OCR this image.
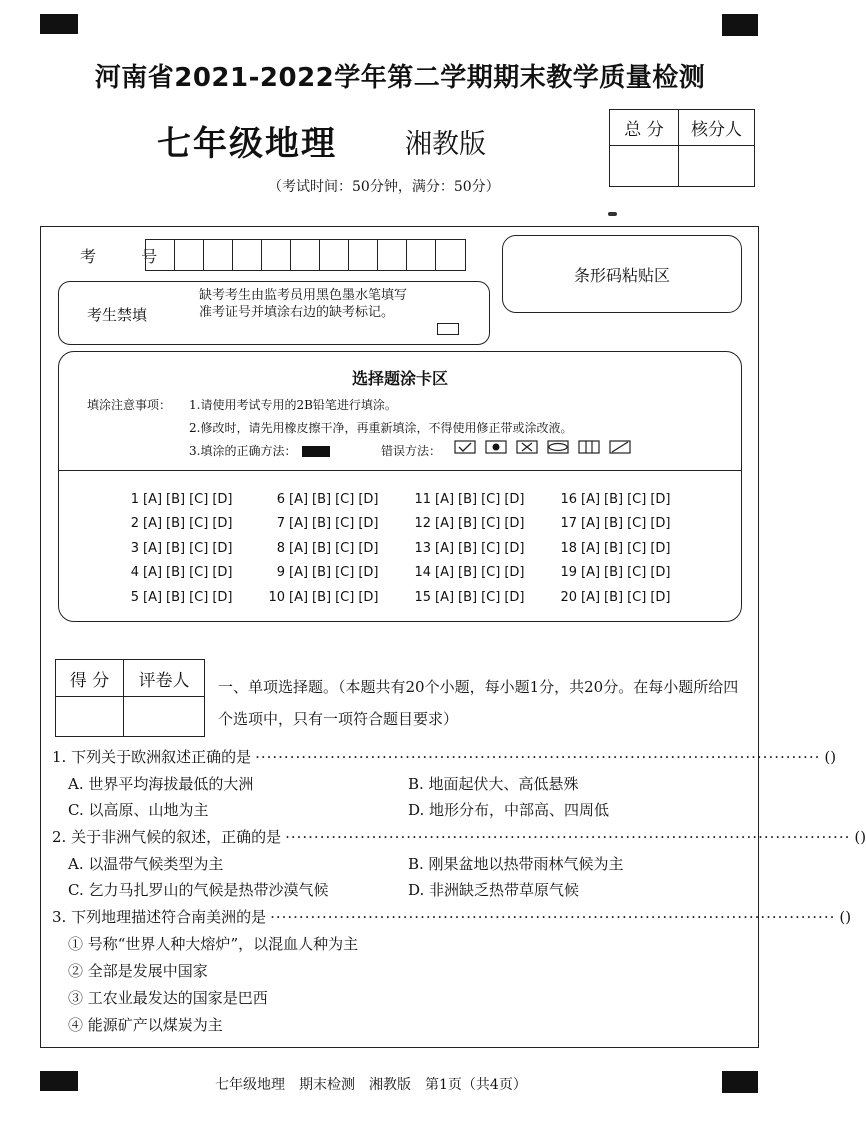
河南省2021-2022学年第二学期期末教学质量检测
七年级地理	湘教版
（考试时间：50分钟，满分：50分）
总 分	核分人

考 号
条形码粘贴区
考生禁填
缺考考生由监考员用黑色墨水笔填写准考证号并填涂右边的缺考标记。
选择题涂卡区
填涂注意事项： 1.请使用考试专用的2B铅笔进行填涂。
2.修改时，请先用橡皮擦干净，再重新填涂，不得使用修正带或涂改液。
3.填涂的正确方法：	错误方法：
1 [A] [B] [C] [D]	6 [A] [B] [C] [D]	11 [A] [B] [C] [D]	16 [A] [B] [C] [D]
2 [A] [B] [C] [D]	7 [A] [B] [C] [D]	12 [A] [B] [C] [D]	17 [A] [B] [C] [D]
3 [A] [B] [C] [D]	8 [A] [B] [C] [D]	13 [A] [B] [C] [D]	18 [A] [B] [C] [D]
4 [A] [B] [C] [D]	9 [A] [B] [C] [D]	14 [A] [B] [C] [D]	19 [A] [B] [C] [D]
5 [A] [B] [C] [D]	10 [A] [B] [C] [D]	15 [A] [B] [C] [D]	20 [A] [B] [C] [D]
得 分	评卷人
	一、单项选择题。（本题共有20个小题，每小题1分，共20分。在每小题所给四个选项中，只有一项符合题目要求）
1. 下列关于欧洲叙述正确的是 ·································································································· ( )
A. 世界平均海拔最低的大洲	B. 地面起伏大、高低悬殊
C. 以高原、山地为主	D. 地形分布，中部高、四周低
2. 关于非洲气候的叙述，正确的是 ·································································································· ( )
A. 以温带气候类型为主	B. 刚果盆地以热带雨林气候为主
C. 乞力马扎罗山的气候是热带沙漠气候	D. 非洲缺乏热带草原气候
3. 下列地理描述符合南美洲的是 ·································································································· ( )
① 号称“世界人种大熔炉”，以混血人种为主
② 全部是发展中国家
③ 工农业最发达的国家是巴西
④ 能源矿产以煤炭为主
七年级地理　期末检测　湘教版　第1页（共4页）
